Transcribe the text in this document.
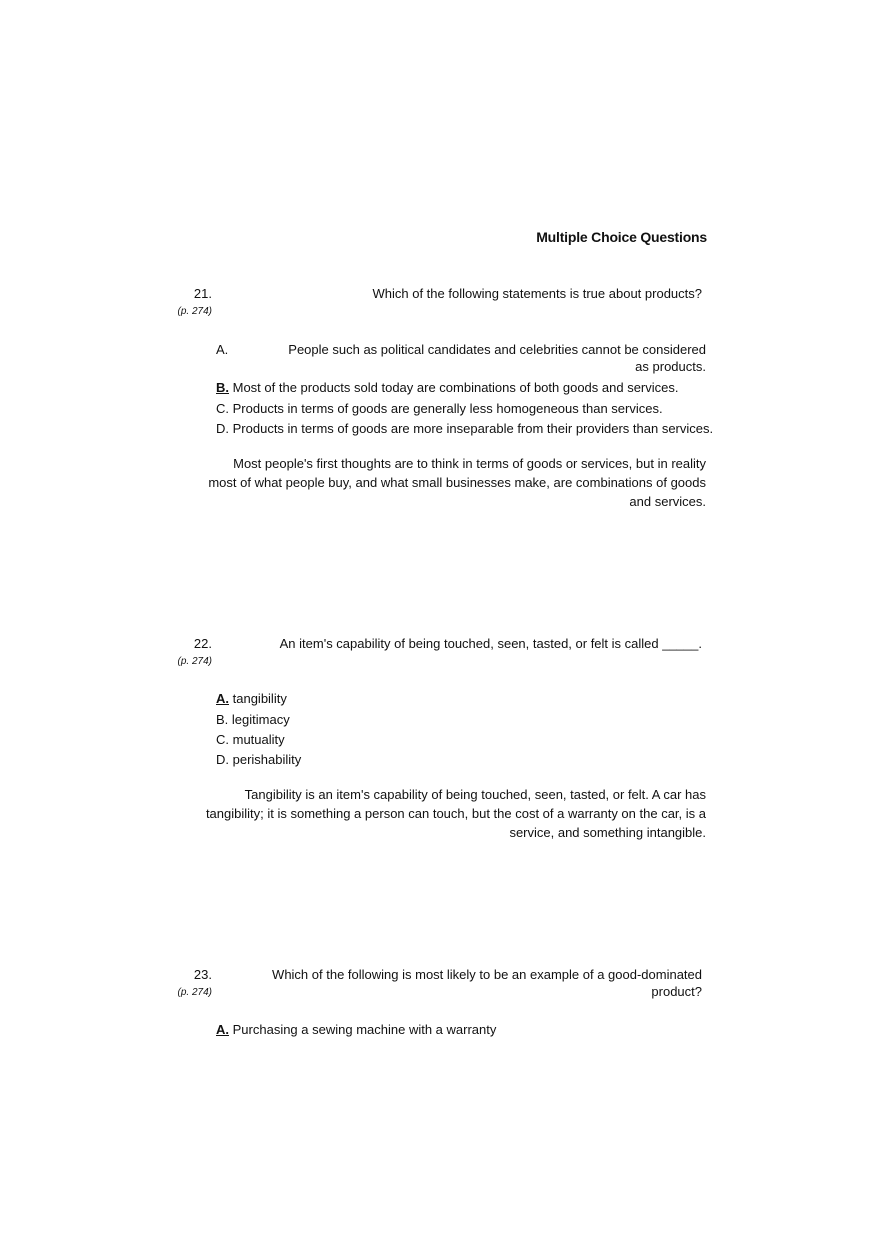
Multiple Choice Questions
21.
(p. 274)
Which of the following statements is true about products?
A.	People such as political candidates and celebrities cannot be considered as products.
B. Most of the products sold today are combinations of both goods and services.
C. Products in terms of goods are generally less homogeneous than services.
D. Products in terms of goods are more inseparable from their providers than services.
Most people's first thoughts are to think in terms of goods or services, but in reality most of what people buy, and what small businesses make, are combinations of goods and services.
22.
(p. 274)
An item's capability of being touched, seen, tasted, or felt is called _____.
A. tangibility
B. legitimacy
C. mutuality
D. perishability
Tangibility is an item's capability of being touched, seen, tasted, or felt. A car has tangibility; it is something a person can touch, but the cost of a warranty on the car, is a service, and something intangible.
23.
(p. 274)
Which of the following is most likely to be an example of a good-dominated product?
A. Purchasing a sewing machine with a warranty
